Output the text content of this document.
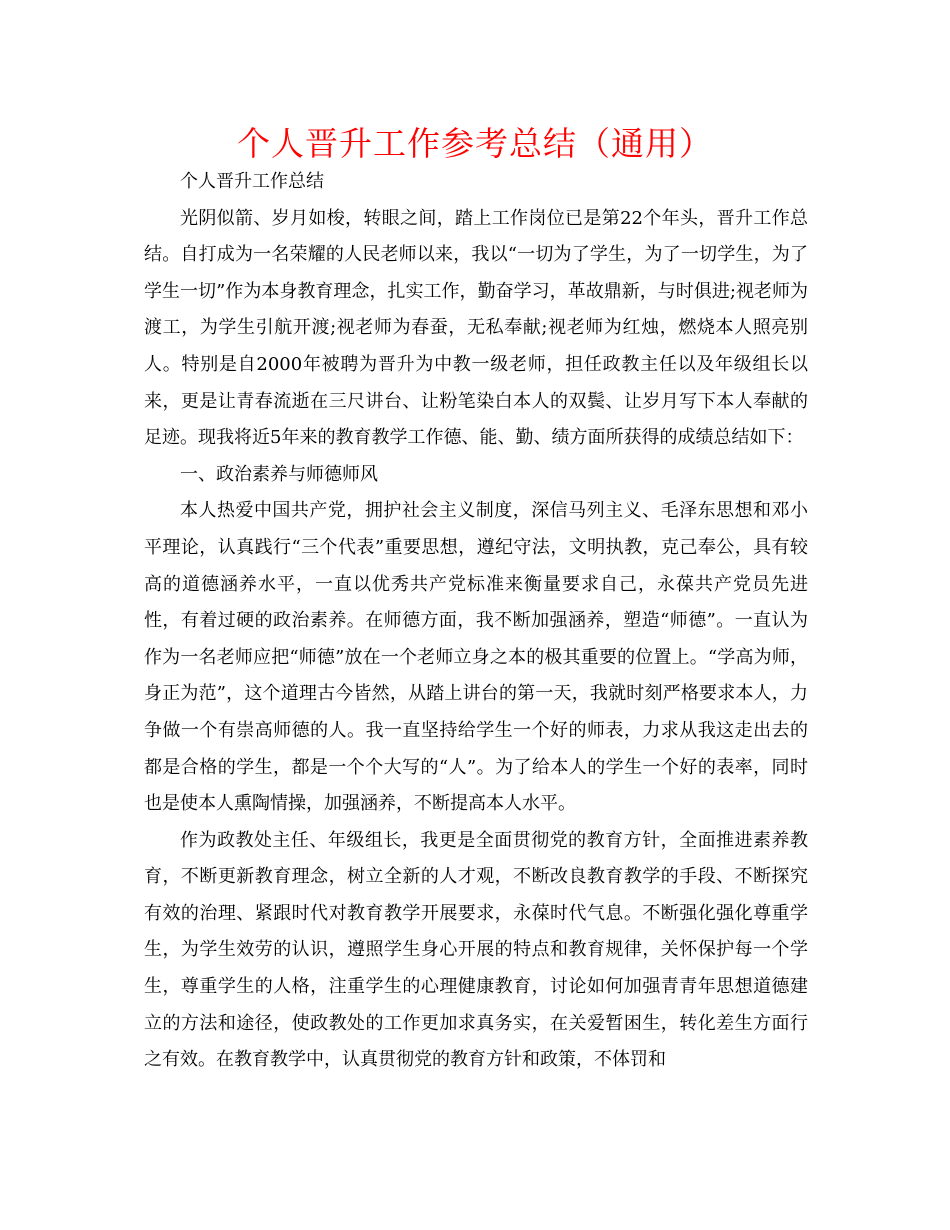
个人晋升工作参考总结（通用）

个人晋升工作总结

光阴似箭、岁月如梭，转眼之间，踏上工作岗位已是第22个年头，晋升工作总结。自打成为一名荣耀的人民老师以来，我以“一切为了学生，为了一切学生，为了学生一切”作为本身教育理念，扎实工作，勤奋学习，革故鼎新，与时俱进;视老师为渡工，为学生引航开渡;视老师为春蚕，无私奉献;视老师为红烛，燃烧本人照亮别人。特别是自2000年被聘为晋升为中教一级老师，担任政教主任以及年级组长以来，更是让青春流逝在三尺讲台、让粉笔染白本人的双鬓、让岁月写下本人奉献的足迹。现我将近5年来的教育教学工作德、能、勤、绩方面所获得的成绩总结如下：

一、政治素养与师德师风

本人热爱中国共产党，拥护社会主义制度，深信马列主义、毛泽东思想和邓小平理论，认真践行“三个代表”重要思想，遵纪守法，文明执教，克己奉公，具有较高的道德涵养水平，一直以优秀共产党标准来衡量要求自己，永葆共产党员先进性，有着过硬的政治素养。在师德方面，我不断加强涵养，塑造“师德”。一直认为作为一名老师应把“师德”放在一个老师立身之本的极其重要的位置上。“学高为师，身正为范”，这个道理古今皆然，从踏上讲台的第一天，我就时刻严格要求本人，力争做一个有崇高师德的人。我一直坚持给学生一个好的师表，力求从我这走出去的都是合格的学生，都是一个个大写的“人”。为了给本人的学生一个好的表率，同时也是使本人熏陶情操，加强涵养，不断提高本人水平。

作为政教处主任、年级组长，我更是全面贯彻党的教育方针，全面推进素养教育，不断更新教育理念，树立全新的人才观，不断改良教育教学的手段、不断探究有效的治理、紧跟时代对教育教学开展要求，永葆时代气息。不断强化强化尊重学生，为学生效劳的认识，遵照学生身心开展的特点和教育规律，关怀保护每一个学生，尊重学生的人格，注重学生的心理健康教育，讨论如何加强青青年思想道德建立的方法和途径，使政教处的工作更加求真务实，在关爱暂困生，转化差生方面行之有效。在教育教学中，认真贯彻党的教育方针和政策，不体罚和
